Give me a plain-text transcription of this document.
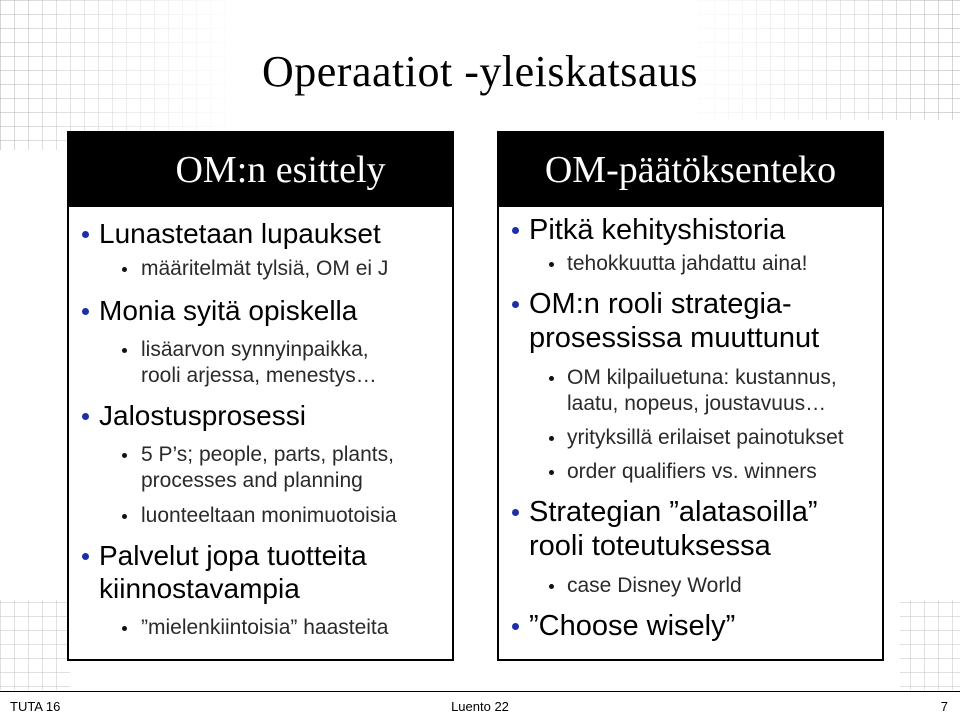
Operaatiot -yleiskatsaus
OM:n esittely
Lunastetaan lupaukset
määritelmät tylsiä, OM ei J
Monia syitä opiskella
lisäarvon synnyinpaikka,
rooli arjessa, menestys…
Jalostusprosessi
5 P’s; people, parts, plants,
processes and planning
luonteeltaan monimuotoisia
Palvelut jopa tuotteita
kiinnostavampia
”mielenkiintoisia” haasteita
OM-päätöksenteko
Pitkä kehityshistoria
tehokkuutta jahdattu aina!
OM:n rooli strategia-
prosessissa muuttunut
OM kilpailuetuna: kustannus,
laatu, nopeus, joustavuus…
yrityksillä erilaiset painotukset
order qualifiers vs. winners
Strategian ”alatasoilla”
rooli toteutuksessa
case Disney World
”Choose wisely”
TUTA 16	Luento 22	7
